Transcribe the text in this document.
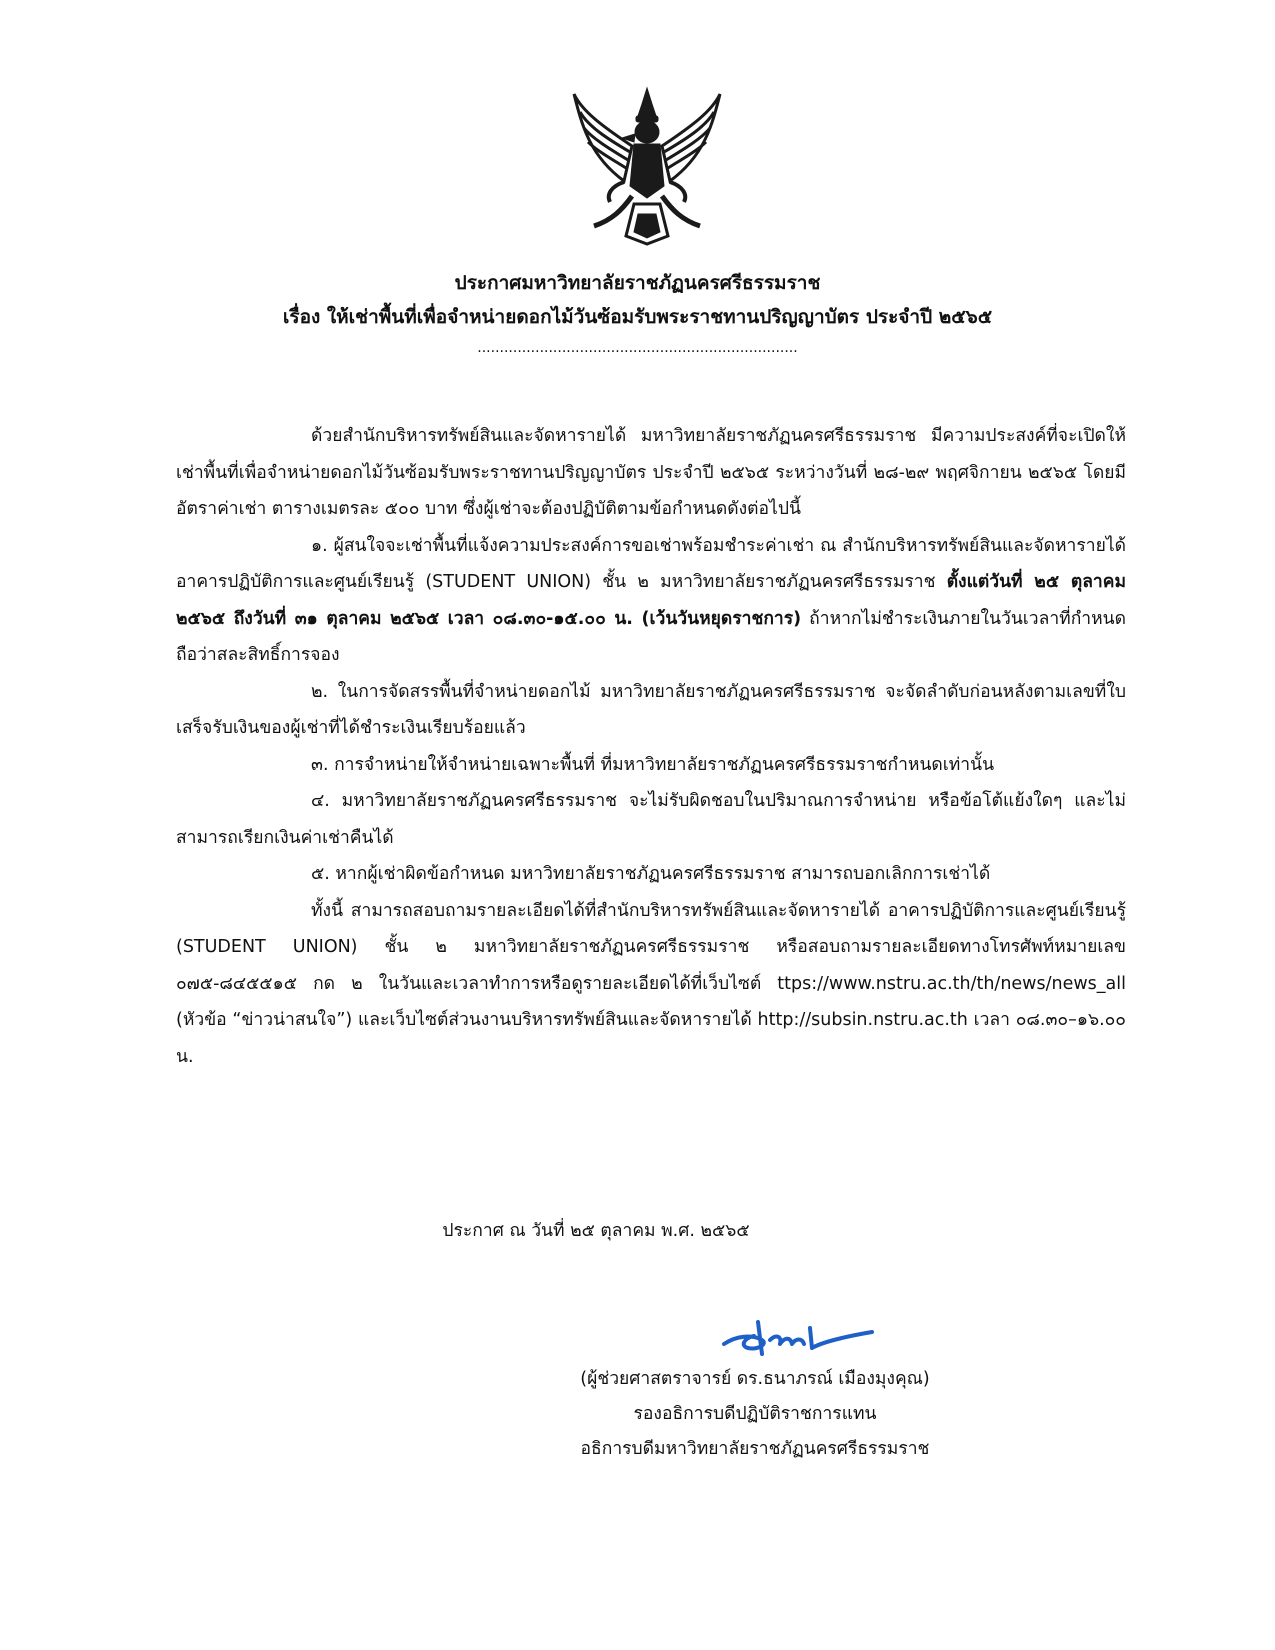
ประกาศมหาวิทยาลัยราชภัฏนครศรีธรรมราช

เรื่อง ให้เช่าพื้นที่เพื่อจำหน่ายดอกไม้วันซ้อมรับพระราชทานปริญญาบัตร ประจำปี ๒๕๖๕

........................................................................

ด้วยสำนักบริหารทรัพย์สินและจัดหารายได้ มหาวิทยาลัยราชภัฏนครศรีธรรมราช มีความประสงค์ที่จะเปิดให้เช่าพื้นที่เพื่อจำหน่ายดอกไม้วันซ้อมรับพระราชทานปริญญาบัตร ประจำปี ๒๕๖๕ ระหว่างวันที่ ๒๘-๒๙ พฤศจิกายน ๒๕๖๕ โดยมีอัตราค่าเช่า ตารางเมตรละ ๕๐๐ บาท ซึ่งผู้เช่าจะต้องปฏิบัติตามข้อกำหนดดังต่อไปนี้

๑. ผู้สนใจจะเช่าพื้นที่แจ้งความประสงค์การขอเช่าพร้อมชำระค่าเช่า ณ สำนักบริหารทรัพย์สินและจัดหารายได้ อาคารปฏิบัติการและศูนย์เรียนรู้ (STUDENT UNION) ชั้น ๒ มหาวิทยาลัยราชภัฏนครศรีธรรมราช ตั้งแต่วันที่ ๒๕ ตุลาคม ๒๕๖๕ ถึงวันที่ ๓๑ ตุลาคม ๒๕๖๕ เวลา ๐๘.๓๐-๑๕.๐๐ น. (เว้นวันหยุดราชการ) ถ้าหากไม่ชำระเงินภายในวันเวลาที่กำหนดถือว่าสละสิทธิ์การจอง

๒. ในการจัดสรรพื้นที่จำหน่ายดอกไม้ มหาวิทยาลัยราชภัฏนครศรีธรรมราช จะจัดลำดับก่อนหลังตามเลขที่ใบเสร็จรับเงินของผู้เช่าที่ได้ชำระเงินเรียบร้อยแล้ว

๓. การจำหน่ายให้จำหน่ายเฉพาะพื้นที่ ที่มหาวิทยาลัยราชภัฏนครศรีธรรมราชกำหนดเท่านั้น

๔. มหาวิทยาลัยราชภัฏนครศรีธรรมราช จะไม่รับผิดชอบในปริมาณการจำหน่าย หรือข้อโต้แย้งใดๆ และไม่สามารถเรียกเงินค่าเช่าคืนได้

๕. หากผู้เช่าผิดข้อกำหนด มหาวิทยาลัยราชภัฏนครศรีธรรมราช สามารถบอกเลิกการเช่าได้

ทั้งนี้ สามารถสอบถามรายละเอียดได้ที่สำนักบริหารทรัพย์สินและจัดหารายได้ อาคารปฏิบัติการและศูนย์เรียนรู้ (STUDENT UNION) ชั้น ๒ มหาวิทยาลัยราชภัฏนครศรีธรรมราช หรือสอบถามรายละเอียดทางโทรศัพท์หมายเลข ๐๗๕-๘๔๕๕๑๕ กด ๒ ในวันและเวลาทำการหรือดูรายละเอียดได้ที่เว็บไซต์ ttps://www.nstru.ac.th/th/news/news_all (หัวข้อ “ข่าวน่าสนใจ”) และเว็บไซต์ส่วนงานบริหารทรัพย์สินและจัดหารายได้ http://subsin.nstru.ac.th เวลา ๐๘.๓๐–๑๖.๐๐ น.

ประกาศ ณ วันที่ ๒๕ ตุลาคม พ.ศ. ๒๕๖๕
(ผู้ช่วยศาสตราจารย์ ดร.ธนาภรณ์ เมืองมุงคุณ)
รองอธิการบดีปฏิบัติราชการแทน
อธิการบดีมหาวิทยาลัยราชภัฏนครศรีธรรมราช
